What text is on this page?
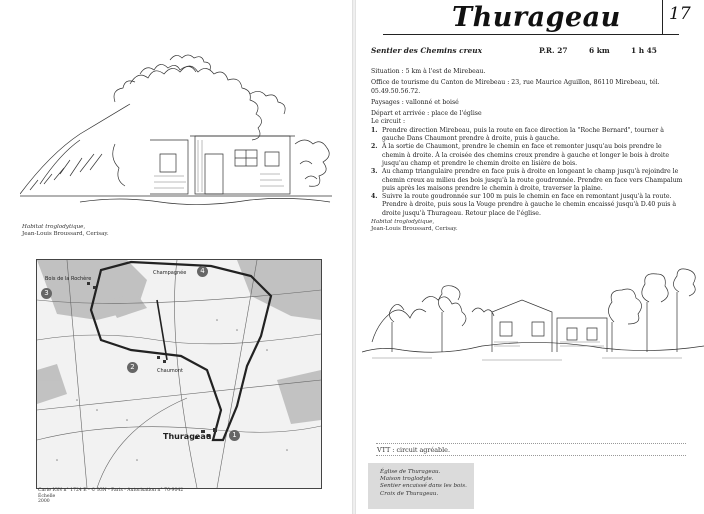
Habitat troglodytique,
Jean-Louis Broussard, Cerisay.
Thurageau
Chaumont
Champagnée
Bois de la Rochère
1
2
3
4
Carte IGN n° 1724 E - © IGN - Paris - Autorisation n° 70-9042
Échelle
2000
Thurageau	17
Sentier des Chemins creux	P.R. 27	6 km	1 h 45
Situation : 5 km à l'est de Mirebeau.
Office de tourisme du Canton de Mirebeau : 23, rue Maurice Aguillon, 86110 Mirebeau, tél. 05.49.50.56.72.
Paysages : vallonné et boisé
Départ et arrivée : place de l'église
Le circuit :
1. Prendre direction Mirebeau, puis la route en face direction la "Roche Bernard", tourner à gauche Dans Chaumont prendre à droite, puis à gauche.
2. À la sortie de Chaumont, prendre le chemin en face et remonter jusqu'au bois prendre le chemin à droite. À la croisée des chemins creux prendre à gauche et longer le bois à droite jusqu'au champ et prendre le chemin droite en lisière de bois.
3. Au champ triangulaire prendre en face puis à droite en longeant le champ jusqu'à rejoindre le chemin creux au milieu des bois jusqu'à la route goudronnée. Prendre en face vers Champalum puis après les maisons prendre le chemin à droite, traverser la plaine.
4. Suivre la route goudronnée sur 100 m puis le chemin en face en remontant jusqu'à la route. Prendre à droite, puis sous la Vouge prendre à gauche le chemin encaissé jusqu'à D.40 puis à droite jusqu'à Thurageau. Retour place de l'église.
Habitat troglodytique,
Jean-Louis Broussard, Cerisay.
VTT : circuit agréable.
Église de Thurageau.
Maison troglodyte.
Sentier encaissé dans les bois.
Croix de Thurageau.
